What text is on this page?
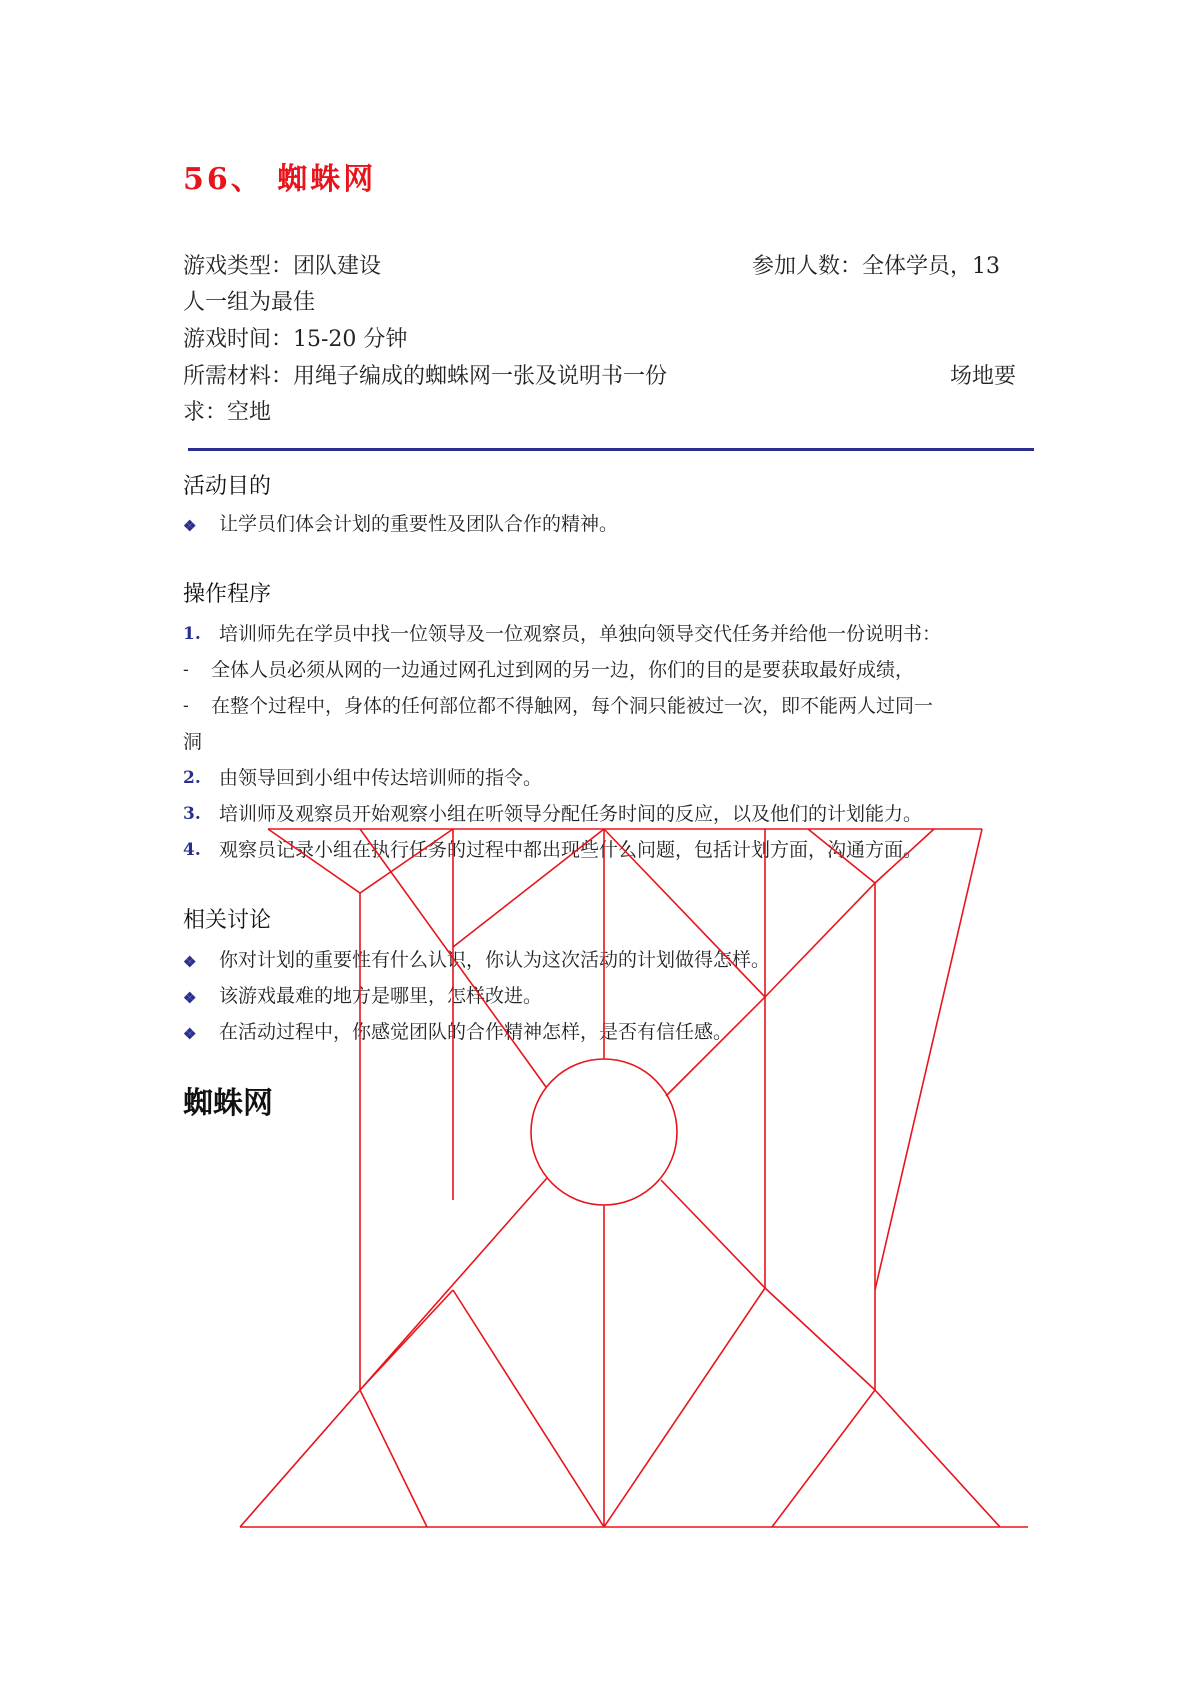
56、 蜘蛛网
游戏类型：团队建设	参加人数：全体学员，13
人一组为最佳
游戏时间：15-20 分钟
所需材料：用绳子编成的蜘蛛网一张及说明书一份	场地要
求：空地
活动目的
❖ 让学员们体会计划的重要性及团队合作的精神。
操作程序
1. 培训师先在学员中找一位领导及一位观察员，单独向领导交代任务并给他一份说明书：
- 全体人员必须从网的一边通过网孔过到网的另一边，你们的目的是要获取最好成绩，
- 在整个过程中，身体的任何部位都不得触网，每个洞只能被过一次，即不能两人过同一
洞
2. 由领导回到小组中传达培训师的指令。
3. 培训师及观察员开始观察小组在听领导分配任务时间的反应，以及他们的计划能力。
4. 观察员记录小组在执行任务的过程中都出现些什么问题，包括计划方面，沟通方面。
相关讨论
❖ 你对计划的重要性有什么认识，你认为这次活动的计划做得怎样。
❖ 该游戏最难的地方是哪里，怎样改进。
❖ 在活动过程中，你感觉团队的合作精神怎样，是否有信任感。
蜘蛛网
